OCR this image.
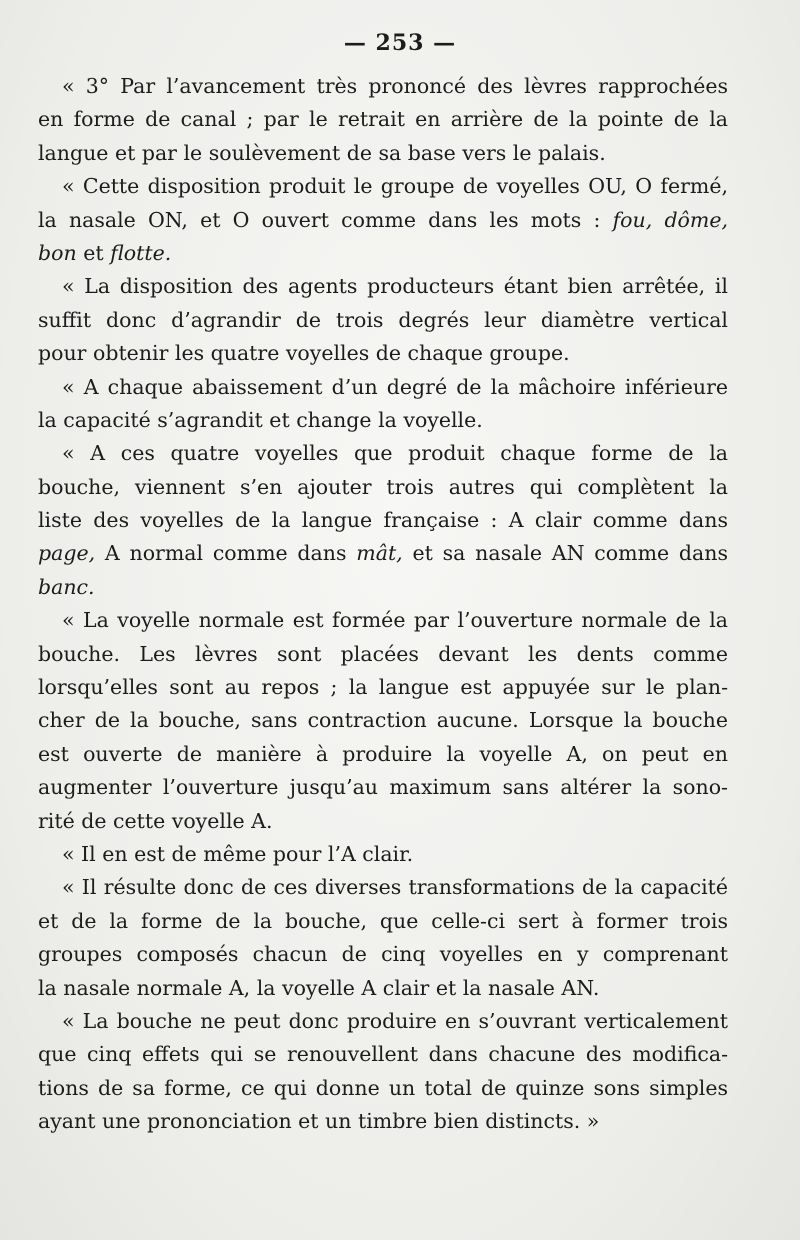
— 253 —
« 3° Par l’avancement très prononcé des lèvres rapprochées
en forme de canal ; par le retrait en arrière de la pointe de la
langue et par le soulèvement de sa base vers le palais.
« Cette disposition produit le groupe de voyelles OU, O fermé,
la nasale ON, et O ouvert comme dans les mots : fou, dôme,
bon et flotte.
« La disposition des agents producteurs étant bien arrêtée, il
suffit donc d’agrandir de trois degrés leur diamètre vertical
pour obtenir les quatre voyelles de chaque groupe.
« A chaque abaissement d’un degré de la mâchoire inférieure
la capacité s’agrandit et change la voyelle.
« A ces quatre voyelles que produit chaque forme de la
bouche, viennent s’en ajouter trois autres qui complètent la
liste des voyelles de la langue française : A clair comme dans
page, A normal comme dans mât, et sa nasale AN comme dans
banc.
« La voyelle normale est formée par l’ouverture normale de la
bouche. Les lèvres sont placées devant les dents comme
lorsqu’elles sont au repos ; la langue est appuyée sur le plan-
cher de la bouche, sans contraction aucune. Lorsque la bouche
est ouverte de manière à produire la voyelle A, on peut en
augmenter l’ouverture jusqu’au maximum sans altérer la sono-
rité de cette voyelle A.
« Il en est de même pour l’A clair.
« Il résulte donc de ces diverses transformations de la capacité
et de la forme de la bouche, que celle-ci sert à former trois
groupes composés chacun de cinq voyelles en y comprenant
la nasale normale A, la voyelle A clair et la nasale AN.
« La bouche ne peut donc produire en s’ouvrant verticalement
que cinq effets qui se renouvellent dans chacune des modifica-
tions de sa forme, ce qui donne un total de quinze sons simples
ayant une prononciation et un timbre bien distincts. »
